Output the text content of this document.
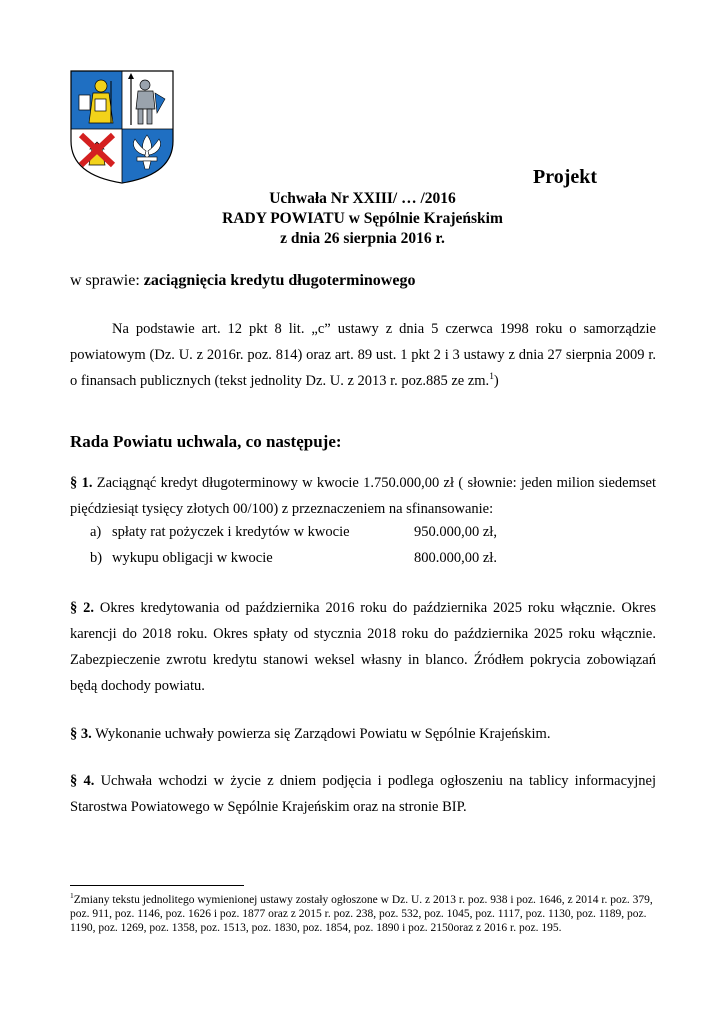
Projekt
Uchwała Nr XXIII/ … /2016
RADY POWIATU w Sępólnie Krajeńskim
z dnia 26 sierpnia 2016 r.
w sprawie: zaciągnięcia kredytu długoterminowego
Na podstawie art. 12 pkt 8 lit. „c” ustawy z dnia 5 czerwca 1998 roku o samorządzie powiatowym (Dz. U. z 2016r. poz. 814) oraz art. 89 ust. 1 pkt 2 i 3 ustawy z dnia 27 sierpnia 2009 r. o finansach publicznych (tekst jednolity Dz. U. z 2013 r. poz.885 ze zm.$^1$)
Rada Powiatu uchwala, co następuje:
§ 1. Zaciągnąć kredyt długoterminowy w kwocie 1.750.000,00 zł ( słownie: jeden milion siedemset pięćdziesiąt tysięcy złotych 00/100) z przeznaczeniem na sfinansowanie:
a) spłaty rat pożyczek i kredytów w kwocie	950.000,00 zł,
b) wykupu obligacji w kwocie	800.000,00 zł.
§ 2. Okres kredytowania od października 2016 roku do października 2025 roku włącznie. Okres karencji do 2018 roku. Okres spłaty od stycznia 2018 roku do października 2025 roku włącznie. Zabezpieczenie zwrotu kredytu stanowi weksel własny in blanco. Źródłem pokrycia zobowiązań będą dochody powiatu.
§ 3. Wykonanie uchwały powierza się Zarządowi Powiatu w Sępólnie Krajeńskim.
§ 4. Uchwała wchodzi w życie z dniem podjęcia i podlega ogłoszeniu na tablicy informacyjnej Starostwa Powiatowego w Sępólnie Krajeńskim oraz na stronie BIP.
$^1$Zmiany tekstu jednolitego wymienionej ustawy zostały ogłoszone w Dz. U. z 2013 r. poz. 938 i poz. 1646, z 2014 r. poz. 379, poz. 911, poz. 1146, poz. 1626 i poz. 1877 oraz z 2015 r. poz. 238, poz. 532, poz. 1045, poz. 1117, poz. 1130, poz. 1189, poz. 1190, poz. 1269, poz. 1358, poz. 1513, poz. 1830, poz. 1854, poz. 1890 i poz. 2150oraz z 2016 r. poz. 195.
